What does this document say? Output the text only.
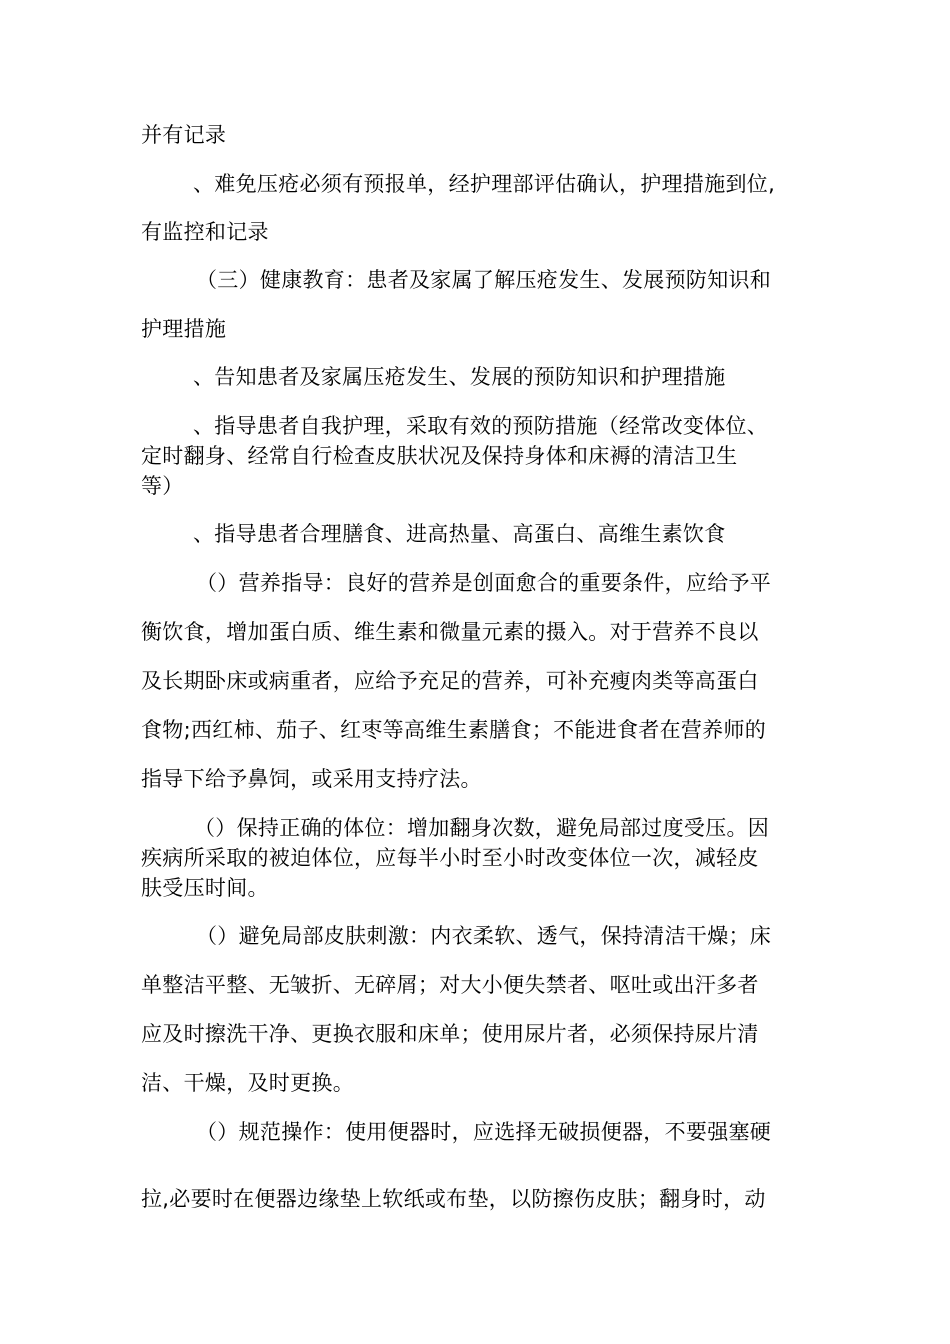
并有记录
、难免压疮必须有预报单，经护理部评估确认，护理措施到位,
有监控和记录
（三）健康教育：患者及家属了解压疮发生、发展预防知识和
护理措施
、告知患者及家属压疮发生、发展的预防知识和护理措施
、指导患者自我护理，采取有效的预防措施（经常改变体位、
定时翻身、经常自行检查皮肤状况及保持身体和床褥的清洁卫生
等）
、指导患者合理膳食、进高热量、高蛋白、高维生素饮食
（）营养指导：良好的营养是创面愈合的重要条件，应给予平
衡饮食，增加蛋白质、维生素和微量元素的摄入。对于营养不良以
及长期卧床或病重者，应给予充足的营养，可补充瘦肉类等高蛋白
食物;西红柿、茄子、红枣等高维生素膳食；不能进食者在营养师的
指导下给予鼻饲，或采用支持疗法。
（）保持正确的体位：增加翻身次数，避免局部过度受压。因
疾病所采取的被迫体位，应每半小时至小时改变体位一次，减轻皮
肤受压时间。
（）避免局部皮肤刺激：内衣柔软、透气，保持清洁干燥；床
单整洁平整、无皱折、无碎屑；对大小便失禁者、呕吐或出汗多者
应及时擦洗干净、更换衣服和床单；使用尿片者，必须保持尿片清
洁、干燥，及时更换。
（）规范操作：使用便器时，应选择无破损便器，不要强塞硬
拉,必要时在便器边缘垫上软纸或布垫，以防擦伤皮肤；翻身时，动
